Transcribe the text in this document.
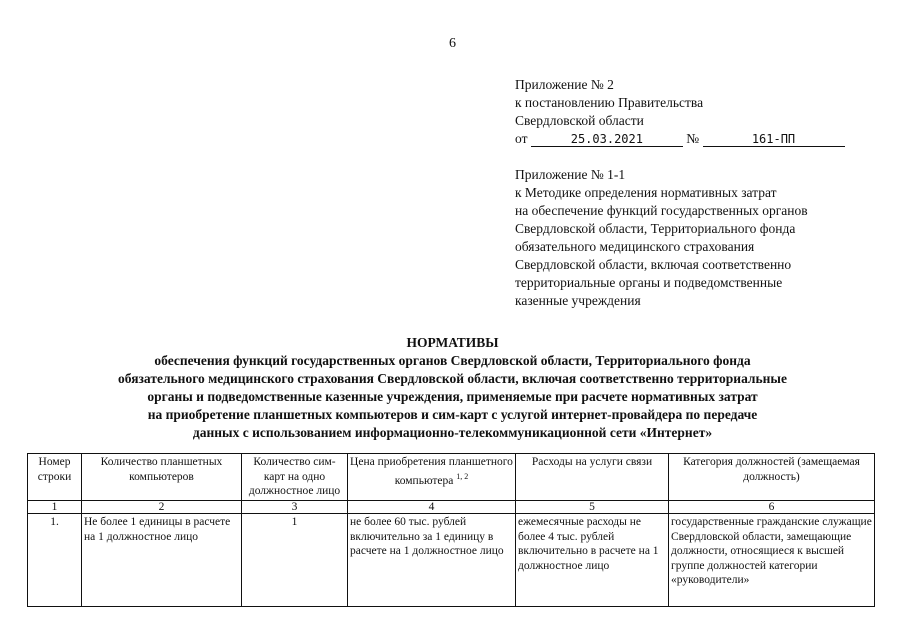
6
Приложение № 2
к постановлению Правительства
Свердловской области
от	25.03.2021	№	161-ПП
Приложение № 1-1
к Методике определения нормативных затрат
на обеспечение функций государственных органов
Свердловской области, Территориального фонда
обязательного медицинского страхования
Свердловской области, включая соответственно
территориальные органы и подведомственные
казенные учреждения
НОРМАТИВЫ
обеспечения функций государственных органов Свердловской области, Территориального фонда
обязательного медицинского страхования Свердловской области, включая соответственно территориальные
органы и подведомственные казенные учреждения, применяемые при расчете нормативных затрат
на приобретение планшетных компьютеров и сим-карт с услугой интернет-провайдера по передаче
данных с использованием информационно-телекоммуникационной сети «Интернет»
Номер строки	Количество планшетных компьютеров	Количество сим-карт на одно должностное лицо	Цена приобретения планшетного компьютера $^{1, 2}$	Расходы на услуги связи	Категория должностей (замещаемая должность)
1	2	3	4	5	6
1.	Не более 1 единицы в расчете на 1 должностное лицо	1	не более 60 тыс. рублей включительно за 1 единицу в расчете на 1 должностное лицо	ежемесячные расходы не более 4 тыс. рублей включительно в расчете на 1 должностное лицо	государственные гражданские служащие Свердловской области, замещающие должности, относящиеся к высшей группе должностей категории «руководители»
